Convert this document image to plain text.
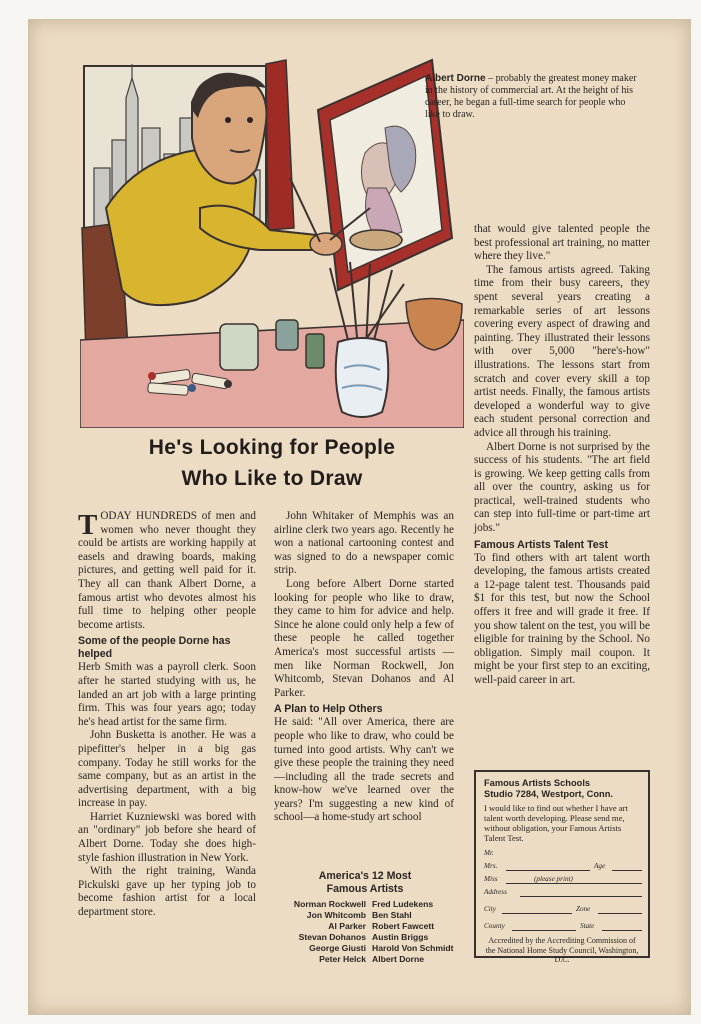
Albert Dorne – probably the greatest money maker in the history of commercial art. At the height of his career, he began a full-time search for people who like to draw.
He's Looking for People
Who Like to Draw

TODAY HUNDREDS of men and women who never thought they could be artists are working happily at easels and drawing boards, making pictures, and getting well paid for it. They all can thank Albert Dorne, a famous artist who devotes almost his full time to helping other people become artists.

Some of the people Dorne has helped

Herb Smith was a payroll clerk. Soon after he started studying with us, he landed an art job with a large printing firm. This was four years ago; today he's head artist for the same firm.

John Busketta is another. He was a pipefitter's helper in a big gas company. Today he still works for the same company, but as an artist in the advertising department, with a big increase in pay.

Harriet Kuzniewski was bored with an "ordinary" job before she heard of Albert Dorne. Today she does high-style fashion illustration in New York.

With the right training, Wanda Pickulski gave up her typing job to become fashion artist for a local department store.

John Whitaker of Memphis was an airline clerk two years ago. Recently he won a national cartooning contest and was signed to do a newspaper comic strip.

Long before Albert Dorne started looking for people who like to draw, they came to him for advice and help. Since he alone could only help a few of these people he called together America's most successful artists —men like Norman Rockwell, Jon Whitcomb, Stevan Dohanos and Al Parker.

A Plan to Help Others

He said: "All over America, there are people who like to draw, who could be turned into good artists. Why can't we give these people the training they need—including all the trade secrets and know-how we've learned over the years? I'm suggesting a new kind of school—a home-study art school

America's 12 Most
Famous Artists
Norman Rockwell Fred Ludekens
Jon Whitcomb Ben Stahl
Al Parker Robert Fawcett
Stevan Dohanos Austin Briggs
George Giusti Harold Von Schmidt
Peter Helck Albert Dorne

that would give talented people the best professional art training, no matter where they live."

The famous artists agreed. Taking time from their busy careers, they spent several years creating a remarkable series of art lessons covering every aspect of drawing and painting. They illustrated their lessons with over 5,000 "here's-how" illustrations. The lessons start from scratch and cover every skill a top artist needs. Finally, the famous artists developed a wonderful way to give each student personal correction and advice all through his training.

Albert Dorne is not surprised by the success of his students. "The art field is growing. We keep getting calls from all over the country, asking us for practical, well-trained students who can step into full-time or part-time art jobs."

Famous Artists Talent Test

To find others with art talent worth developing, the famous artists created a 12-page talent test. Thousands paid $1 for this test, but now the School offers it free and will grade it free. If you show talent on the test, you will be eligible for training by the School. No obligation. Simply mail coupon. It might be your first step to an exciting, well-paid career in art.

Famous Artists Schools
Studio 7284, Westport, Conn.
I would like to find out whether I have art talent worth developing. Please send me, without obligation, your Famous Artists Talent Test.
Mr.
Mrs.	Age
Miss	(please print)
Address
City	Zone
County	State
Accredited by the Accrediting Commission of the National Home Study Council, Washington, D.C.
